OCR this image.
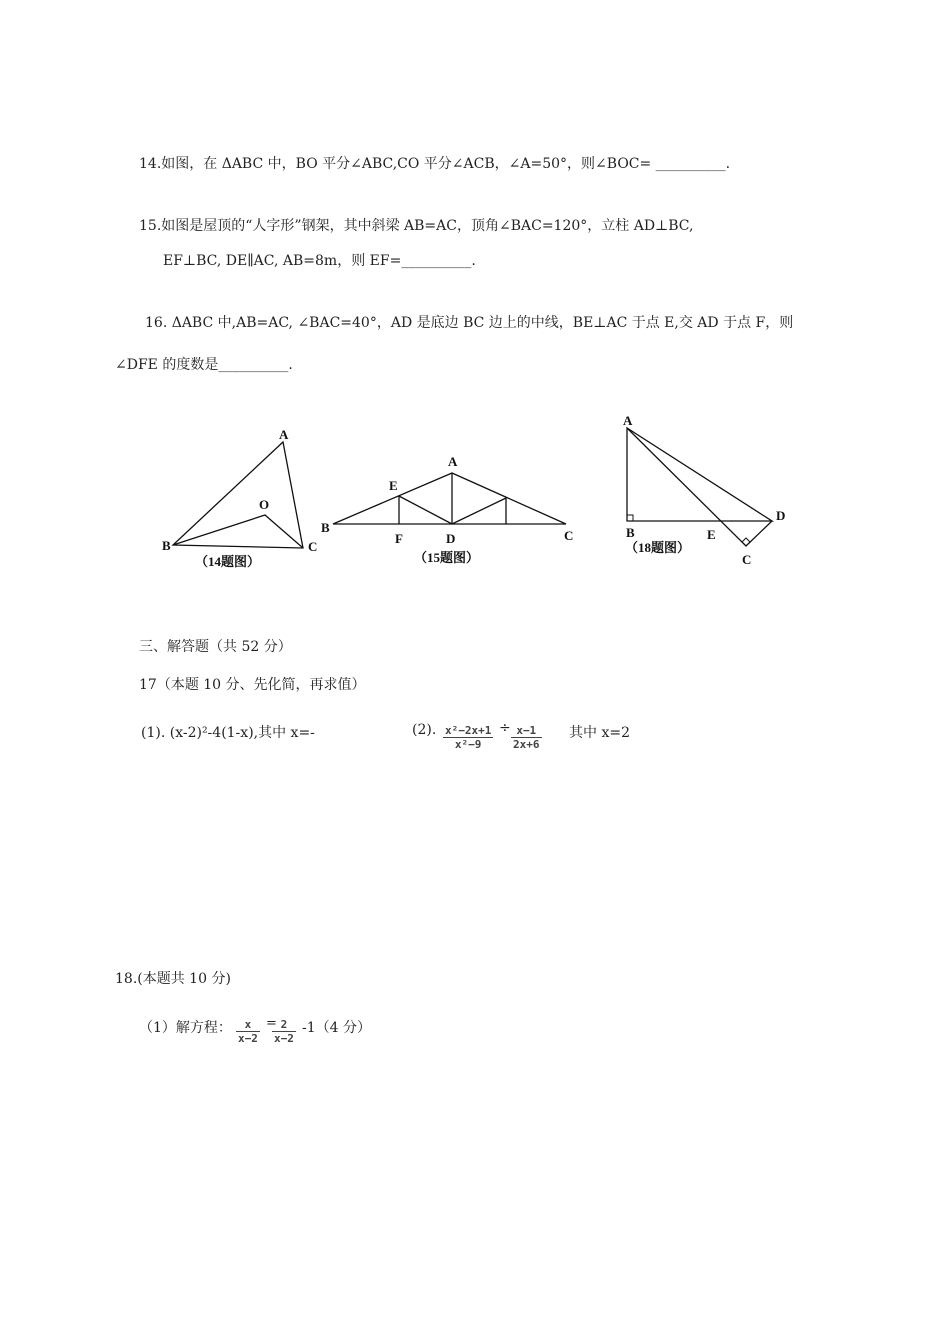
14.如图，在 ΔABC 中，BO 平分∠ABC,CO 平分∠ACB，∠A=50°，则∠BOC= __________.
15.如图是屋顶的“人字形”钢架，其中斜梁 AB=AC，顶角∠BAC=120°，立柱 AD⊥BC,
EF⊥BC, DE∥AC, AB=8m，则 EF=__________.
16. ΔABC 中,AB=AC, ∠BAC=40°，AD 是底边 BC 边上的中线，BE⊥AC 于点 E,交 AD 于点 F，则
∠DFE 的度数是__________.
A
B	C
O
（14题图）
A
E
B
F	D	C
（15题图）
A
B	E
D
C
（18题图）
三、解答题（共 52 分）
17（本题 10 分、先化简，再求值）
(1). (x-2)²-4(1-x),其中 x=-	(2). $\frac{\text{x²−2x+1}}{\text{x²−9}} \div \frac{x-1}{2x+6}$ 其中 x=2
18.(本题共 10 分)
（1）解方程： $\frac{x}{x-2}$ =
$\frac{2}{x-2} -1(4$ 分）
